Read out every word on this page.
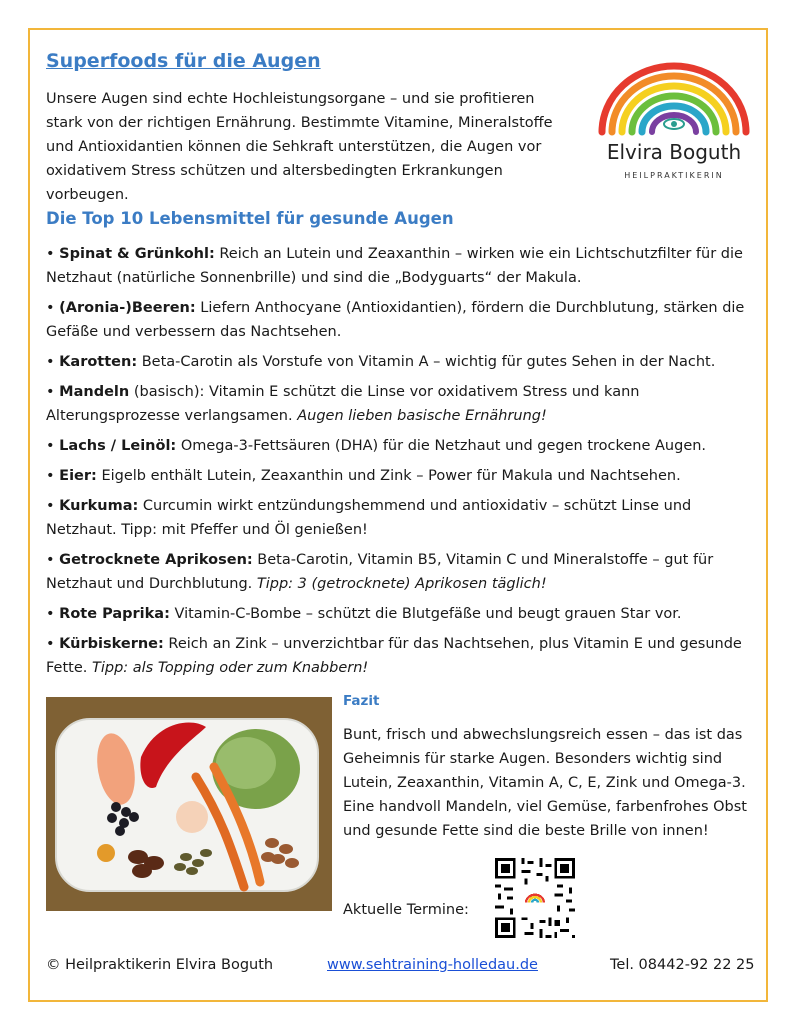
Superfoods für die Augen

Unsere Augen sind echte Hochleistungsorgane – und sie profitieren stark von der richtigen Ernährung. Bestimmte Vitamine, Mineralstoffe und Antioxidantien können die Sehkraft unterstützen, die Augen vor oxidativem Stress schützen und altersbedingten Erkrankungen vorbeugen.

Elvira Boguth
HEILPRAKTIKERIN
Die Top 10 Lebensmittel für gesunde Augen
• Spinat & Grünkohl: Reich an Lutein und Zeaxanthin – wirken wie ein Lichtschutzfilter für die Netzhaut (natürliche Sonnenbrille) und sind die „Bodyguarts“ der Makula.
• (Aronia-)Beeren: Liefern Anthocyane (Antioxidantien), fördern die Durchblutung, stärken die Gefäße und verbessern das Nachtsehen.
• Karotten: Beta-Carotin als Vorstufe von Vitamin A – wichtig für gutes Sehen in der Nacht.
• Mandeln (basisch): Vitamin E schützt die Linse vor oxidativem Stress und kann Alterungsprozesse verlangsamen. Augen lieben basische Ernährung!
• Lachs / Leinöl: Omega-3-Fettsäuren (DHA) für die Netzhaut und gegen trockene Augen.
• Eier: Eigelb enthält Lutein, Zeaxanthin und Zink – Power für Makula und Nachtsehen.
• Kurkuma: Curcumin wirkt entzündungshemmend und antioxidativ – schützt Linse und Netzhaut. Tipp: mit Pfeffer und Öl genießen!
• Getrocknete Aprikosen: Beta-Carotin, Vitamin B5, Vitamin C und Mineralstoffe – gut für Netzhaut und Durchblutung. Tipp: 3 (getrocknete) Aprikosen täglich!
• Rote Paprika: Vitamin-C-Bombe – schützt die Blutgefäße und beugt grauen Star vor.
• Kürbiskerne: Reich an Zink – unverzichtbar für das Nachtsehen, plus Vitamin E und gesunde Fette. Tipp: als Topping oder zum Knabbern!
Fazit

Bunt, frisch und abwechslungsreich essen – das ist das Geheimnis für starke Augen. Besonders wichtig sind Lutein, Zeaxanthin, Vitamin A, C, E, Zink und Omega-3. Eine handvoll Mandeln, viel Gemüse, farbenfrohes Obst und gesunde Fette sind die beste Brille von innen!

Aktuelle Termine:
© Heilpraktikerin Elvira Boguth	www.sehtraining-holledau.de	Tel. 08442-92 22 25
